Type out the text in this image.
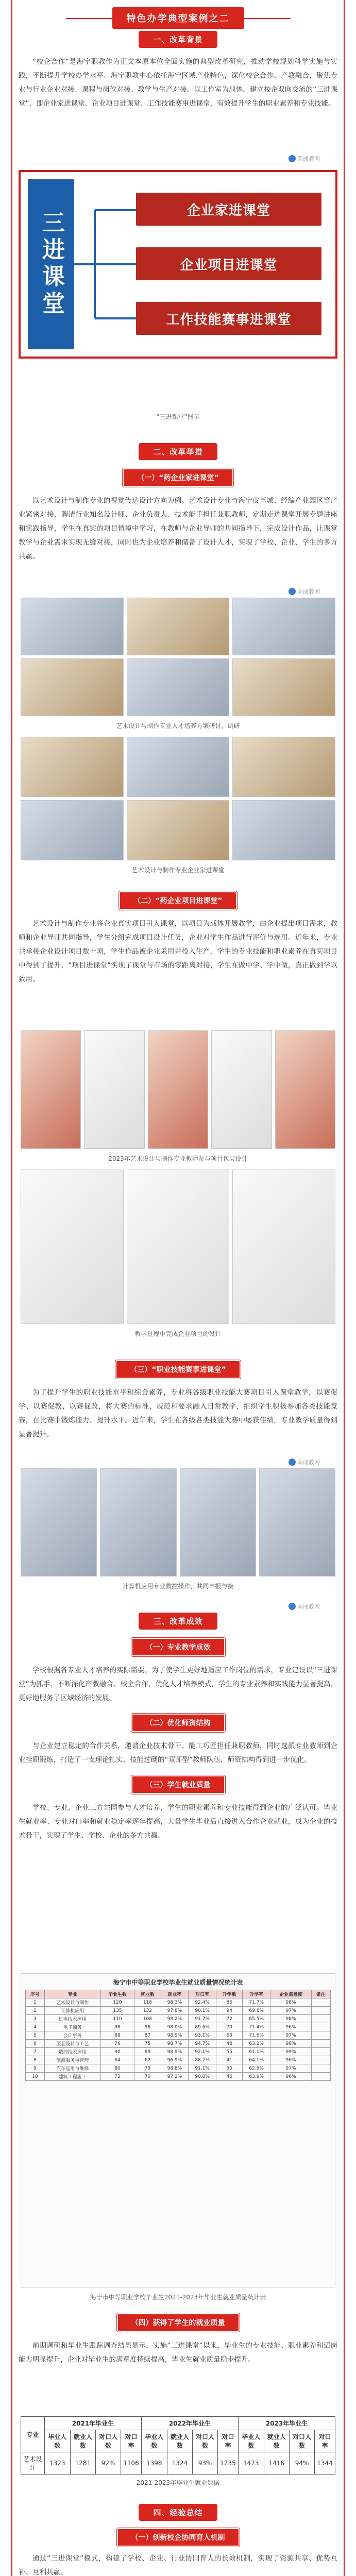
特色办学典型案例之二
一、改革背景

“校企合作”是海宁职教作为正文本原本位全面实施的典型改革研究，推动学校规划科学实施与实践，不断提升学校办学水平。海宁职教中心依托海宁区域产业特色，深化校企合作、产教融合，聚焦专业与行业企业对接、课程与岗位对接、教学与生产对接。以工作室为载体，建立校企双向交流的“三进课堂”，即企业家进课堂、企业项目进课堂、工作技能赛事进课堂，有效提升学生的职业素养和专业技能。

三进课堂
企业家进课堂
企业项目进课堂
工作技能赛事进课堂
“三进课堂”图示
二、改革举措
（一）“药企业家进课堂”

以艺术设计与制作专业的视觉传达设计方向为例。艺术设计专业与海宁皮革城、经编产业园区等产业紧密对接，聘请行业知名设计师、企业负责人、技术能手担任兼职教师，定期走进课堂开展专题讲座和实践指导，学生在真实的项目情境中学习，在教师与企业导师的共同指导下，完成设计作品，让课堂教学与企业需求实现无缝对接，同时也为企业培养和储备了设计人才，实现了学校、企业、学生的多方共赢。

艺术设计与制作专业人才培养方案研讨，调研
艺术设计与制作专业企业家进课堂
（二）“药企业项目进课堂”

艺术设计与制作专业将企业真实项目引入课堂，以项目为载体开展教学，由企业提出项目需求，教师和企业导师共同指导，学生分组完成项目设计任务，企业对学生作品进行评价与选用。近年来，专业共承接企业设计项目数十项，学生作品被企业采用并投入生产，学生的专业技能和职业素养在真实项目中得到了提升，“项目进课堂”实现了课堂与市场的零距离对接，学生在做中学、学中做，真正做到学以致用。

2023年艺术设计与制作专业教师参与项目包装设计
教学过程中完成企业项目的设计
（三）“职业技能赛事进课堂”

为了提升学生的职业技能水平和综合素养，专业将各级职业技能大赛项目引入课堂教学，以赛促学、以赛促教、以赛促改，将大赛的标准、规范和要求融入日常教学，组织学生积极参加各类技能竞赛，在比赛中锻炼能力、提升水平。近年来，学生在各级各类技能大赛中屡获佳绩，专业教学质量得到显著提升。

计算机应用专业数控操作，共同申报与接
三、改革成效
（一）专业教学成效

学校根据各专业人才培养的实际需要，为了使学生更好地适应工作岗位的需求，专业建设以“三进课堂”为抓手，不断深化产教融合、校企合作，优化人才培养模式，学生的专业素养和实践能力显著提高，更好地服务了区域经济的发展。

（二）优化师资结构

与企业建立稳定的合作关系，邀请企业技术骨干、能工巧匠担任兼职教师，同时选派专业教师到企业挂职锻炼，打造了一支理论扎实、技能过硬的“双师型”教师队伍，师资结构得到进一步优化。

（三）学生就业质量

学校、专业、企业三方共同参与人才培养，学生的职业素养和专业技能得到企业的广泛认可。毕业生就业率、专业对口率和就业稳定率逐年提高，大量学生毕业后直接进入合作企业就业，成为企业的技术骨干，实现了学生、学校、企业的多方共赢。

海宁市中等职业学校毕业生就业质量情况统计表
序号	专业	毕业生数	就业数	就业率	对口率	升学数	升学率	企业满意度	备注
1	艺术设计与制作	120	118	98.3%	92.4%	86	71.7%	98%	
2	计算机应用	135	132	97.8%	90.1%	94	69.6%	97%	
3	机电技术应用	110	108	98.2%	91.7%	72	65.5%	98%	
4	电子商务	98	96	98.0%	89.6%	70	71.4%	96%	
5	会计事务	88	87	98.9%	93.1%	63	71.6%	97%	
6	服装设计与工艺	76	75	98.7%	94.7%	48	63.2%	98%	
7	数控技术应用	90	89	98.9%	92.1%	55	61.1%	99%	
8	旅游服务与管理	64	62	96.9%	88.7%	41	64.1%	96%	
9	汽车运用与维修	80	79	98.8%	91.1%	50	62.5%	97%	
10	建筑工程施工	72	70	97.2%	90.0%	46	63.9%	96%	
海宁市中等职业学校毕业生2021-2023年毕业生就业质量统计表
（四）获得了学生的就业质量

前期调研和毕业生跟踪调查结果显示，实施“三进课堂”以来，毕业生的专业技能、职业素养和适岗能力明显提升，企业对毕业生的满意度持续提高，毕业生就业质量稳步提升。

专业	2021年毕业生				2022年毕业生				2023年毕业生			
	毕业人数	就业人数	对口人数	对口率	毕业人数	就业人数	对口人数	对口率	毕业人数	就业人数	对口人数	对口率
艺术设计	1323	1281	92%	1106	1398	1324	93%	1235	1473	1416	94%	1344
2021-2023年毕业生就业数据
四、经验总结
（一）创新校企协同育人机制

通过“三进课堂”模式，构建了学校、企业、行业协同育人的长效机制，实现了资源共享、优势互补、互利共赢。

职成教网
职成教网
职成教网
职成教网
